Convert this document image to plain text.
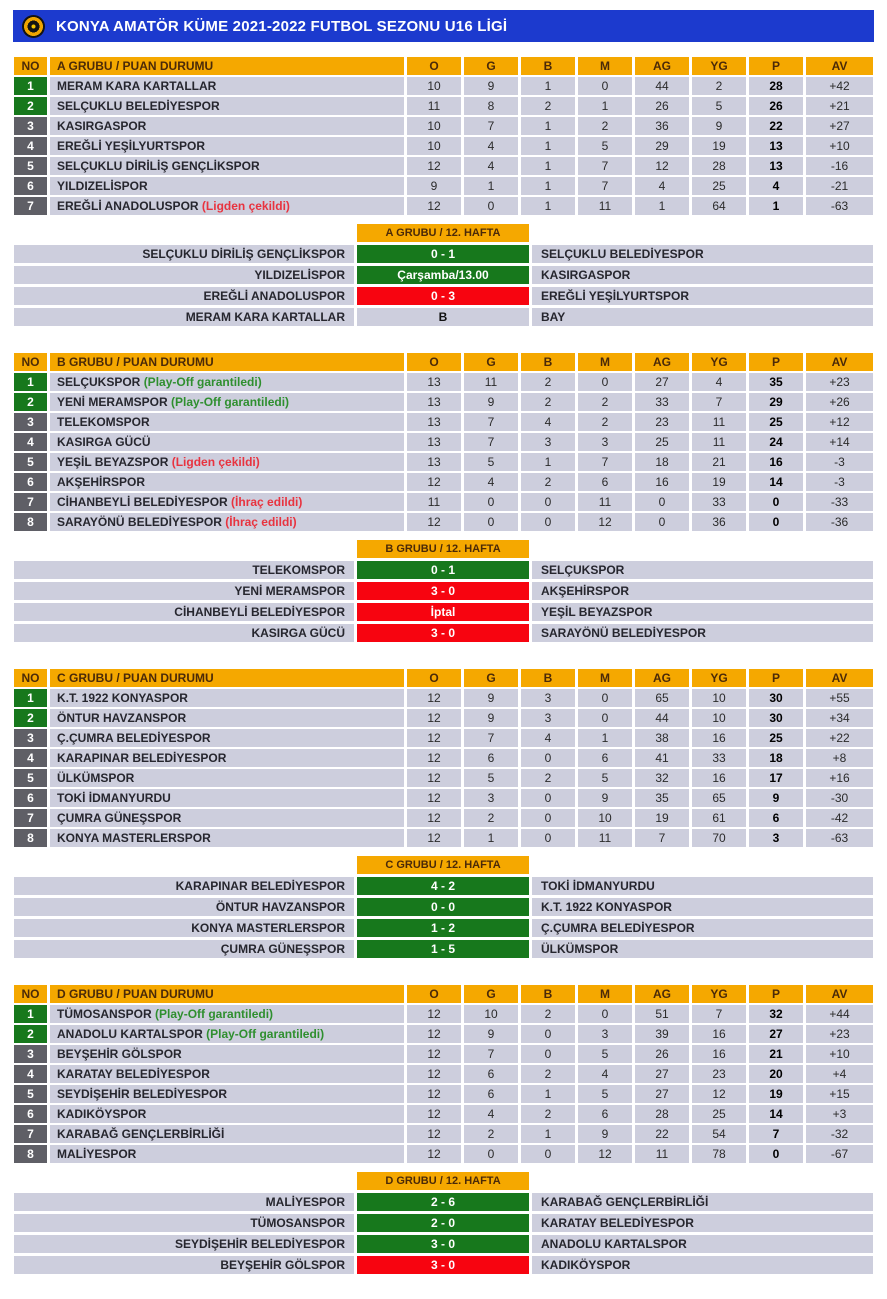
KONYA AMATÖR KÜME 2021-2022 FUTBOL SEZONU U16 LİGİ
NO	A GRUBU / PUAN DURUMU	O	G	B	M	AG	YG	P	AV
1	MERAM KARA KARTALLAR	10	9	1	0	44	2	28	+42
2	SELÇUKLU BELEDİYESPOR	11	8	2	1	26	5	26	+21
3	KASIRGASPOR	10	7	1	2	36	9	22	+27
4	EREĞLİ YEŞİLYURTSPOR	10	4	1	5	29	19	13	+10
5	SELÇUKLU DİRİLİŞ GENÇLİKSPOR	12	4	1	7	12	28	13	-16
6	YILDIZELİSPOR	9	1	1	7	4	25	4	-21
7	EREĞLİ ANADOLUSPOR (Ligden çekildi)	12	0	1	11	1	64	1	-63
	A GRUBU / 12. HAFTA	
SELÇUKLU DİRİLİŞ GENÇLİKSPOR	0 - 1	SELÇUKLU BELEDİYESPOR
YILDIZELİSPOR	Çarşamba/13.00	KASIRGASPOR
EREĞLİ ANADOLUSPOR	0 - 3	EREĞLİ YEŞİLYURTSPOR
MERAM KARA KARTALLAR	B	BAY
NO	B GRUBU / PUAN DURUMU	O	G	B	M	AG	YG	P	AV
1	SELÇUKSPOR (Play-Off garantiledi)	13	11	2	0	27	4	35	+23
2	YENİ MERAMSPOR (Play-Off garantiledi)	13	9	2	2	33	7	29	+26
3	TELEKOMSPOR	13	7	4	2	23	11	25	+12
4	KASIRGA GÜCÜ	13	7	3	3	25	11	24	+14
5	YEŞİL BEYAZSPOR (Ligden çekildi)	13	5	1	7	18	21	16	-3
6	AKŞEHİRSPOR	12	4	2	6	16	19	14	-3
7	CİHANBEYLİ BELEDİYESPOR (İhraç edildi)	11	0	0	11	0	33	0	-33
8	SARAYÖNÜ BELEDİYESPOR (İhraç edildi)	12	0	0	12	0	36	0	-36
	B GRUBU / 12. HAFTA	
TELEKOMSPOR	0 - 1	SELÇUKSPOR
YENİ MERAMSPOR	3 - 0	AKŞEHİRSPOR
CİHANBEYLİ BELEDİYESPOR	İptal	YEŞİL BEYAZSPOR
KASIRGA GÜCÜ	3 - 0	SARAYÖNÜ BELEDİYESPOR
NO	C GRUBU / PUAN DURUMU	O	G	B	M	AG	YG	P	AV
1	K.T. 1922 KONYASPOR	12	9	3	0	65	10	30	+55
2	ÖNTUR HAVZANSPOR	12	9	3	0	44	10	30	+34
3	Ç.ÇUMRA BELEDİYESPOR	12	7	4	1	38	16	25	+22
4	KARAPINAR BELEDİYESPOR	12	6	0	6	41	33	18	+8
5	ÜLKÜMSPOR	12	5	2	5	32	16	17	+16
6	TOKİ İDMANYURDU	12	3	0	9	35	65	9	-30
7	ÇUMRA GÜNEŞSPOR	12	2	0	10	19	61	6	-42
8	KONYA MASTERLERSPOR	12	1	0	11	7	70	3	-63
	C GRUBU / 12. HAFTA	
KARAPINAR BELEDİYESPOR	4 - 2	TOKİ İDMANYURDU
ÖNTUR HAVZANSPOR	0 - 0	K.T. 1922 KONYASPOR
KONYA MASTERLERSPOR	1 - 2	Ç.ÇUMRA BELEDİYESPOR
ÇUMRA GÜNEŞSPOR	1 - 5	ÜLKÜMSPOR
NO	D GRUBU / PUAN DURUMU	O	G	B	M	AG	YG	P	AV
1	TÜMOSANSPOR (Play-Off garantiledi)	12	10	2	0	51	7	32	+44
2	ANADOLU KARTALSPOR (Play-Off garantiledi)	12	9	0	3	39	16	27	+23
3	BEYŞEHİR GÖLSPOR	12	7	0	5	26	16	21	+10
4	KARATAY BELEDİYESPOR	12	6	2	4	27	23	20	+4
5	SEYDİŞEHİR BELEDİYESPOR	12	6	1	5	27	12	19	+15
6	KADIKÖYSPOR	12	4	2	6	28	25	14	+3
7	KARABAĞ GENÇLERBİRLİĞİ	12	2	1	9	22	54	7	-32
8	MALİYESPOR	12	0	0	12	11	78	0	-67
	D GRUBU / 12. HAFTA	
MALİYESPOR	2 - 6	KARABAĞ GENÇLERBİRLİĞİ
TÜMOSANSPOR	2 - 0	KARATAY BELEDİYESPOR
SEYDİŞEHİR BELEDİYESPOR	3 - 0	ANADOLU KARTALSPOR
BEYŞEHİR GÖLSPOR	3 - 0	KADIKÖYSPOR
